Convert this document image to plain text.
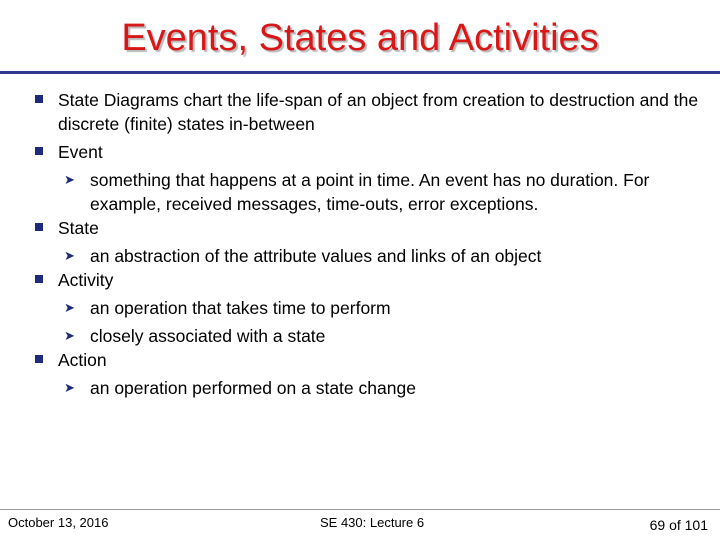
Events, States and Activities
State Diagrams chart the life-span of an object from creation to destruction and the discrete (finite) states in-between
Event
➤ something that happens at a point in time. An event has no duration. For example, received messages, time-outs, error exceptions.
State
➤ an abstraction of the attribute values and links of an object
Activity
➤ an operation that takes time to perform
➤ closely associated with a state
Action
➤ an operation performed on a state change
October 13, 2016	SE 430: Lecture 6	69 of 101
